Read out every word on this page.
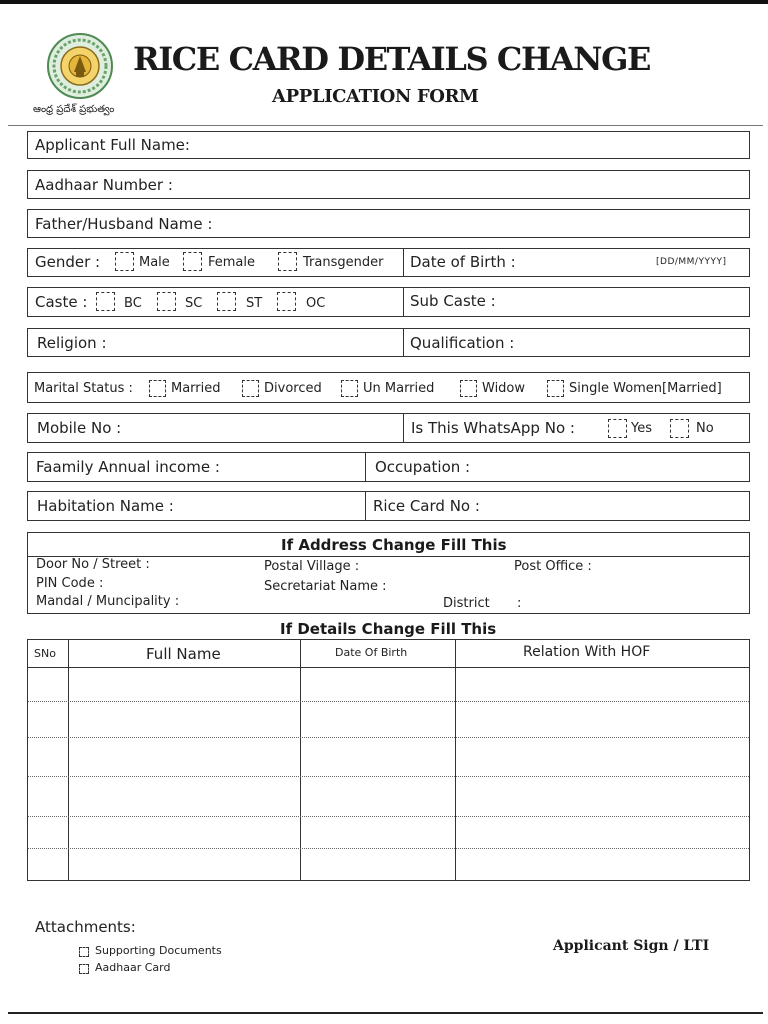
ఆంధ్ర ప్రదేశ్ ప్రభుత్వం
RICE CARD DETAILS CHANGE
APPLICATION FORM
Applicant Full Name:
Aadhaar Number :
Father/Husband Name :
Gender :	Male	Female	Transgender Date of Birth :	[DD/MM/YYYY]
Caste :	BC	SC	ST	OC	Sub Caste :
Religion :	Qualification :
Marital Status :	Married	Divorced	Un Married	Widow	Single Women[Married]
Mobile No :	Is This WhatsApp No :	Yes	No
Faamily Annual income :	Occupation :
Habitation Name :	Rice Card No :
If Address Change Fill This
Door No / Street :	Postal Village :	Post Office :
PIN Code :	Secretariat Name :
Mandal / Muncipality :	District :
If Details Change Fill This
SNo	Full Name	Date Of Birth	Relation With HOF
Attachments:
Supporting Documents
Aadhaar Card
Applicant Sign / LTI
